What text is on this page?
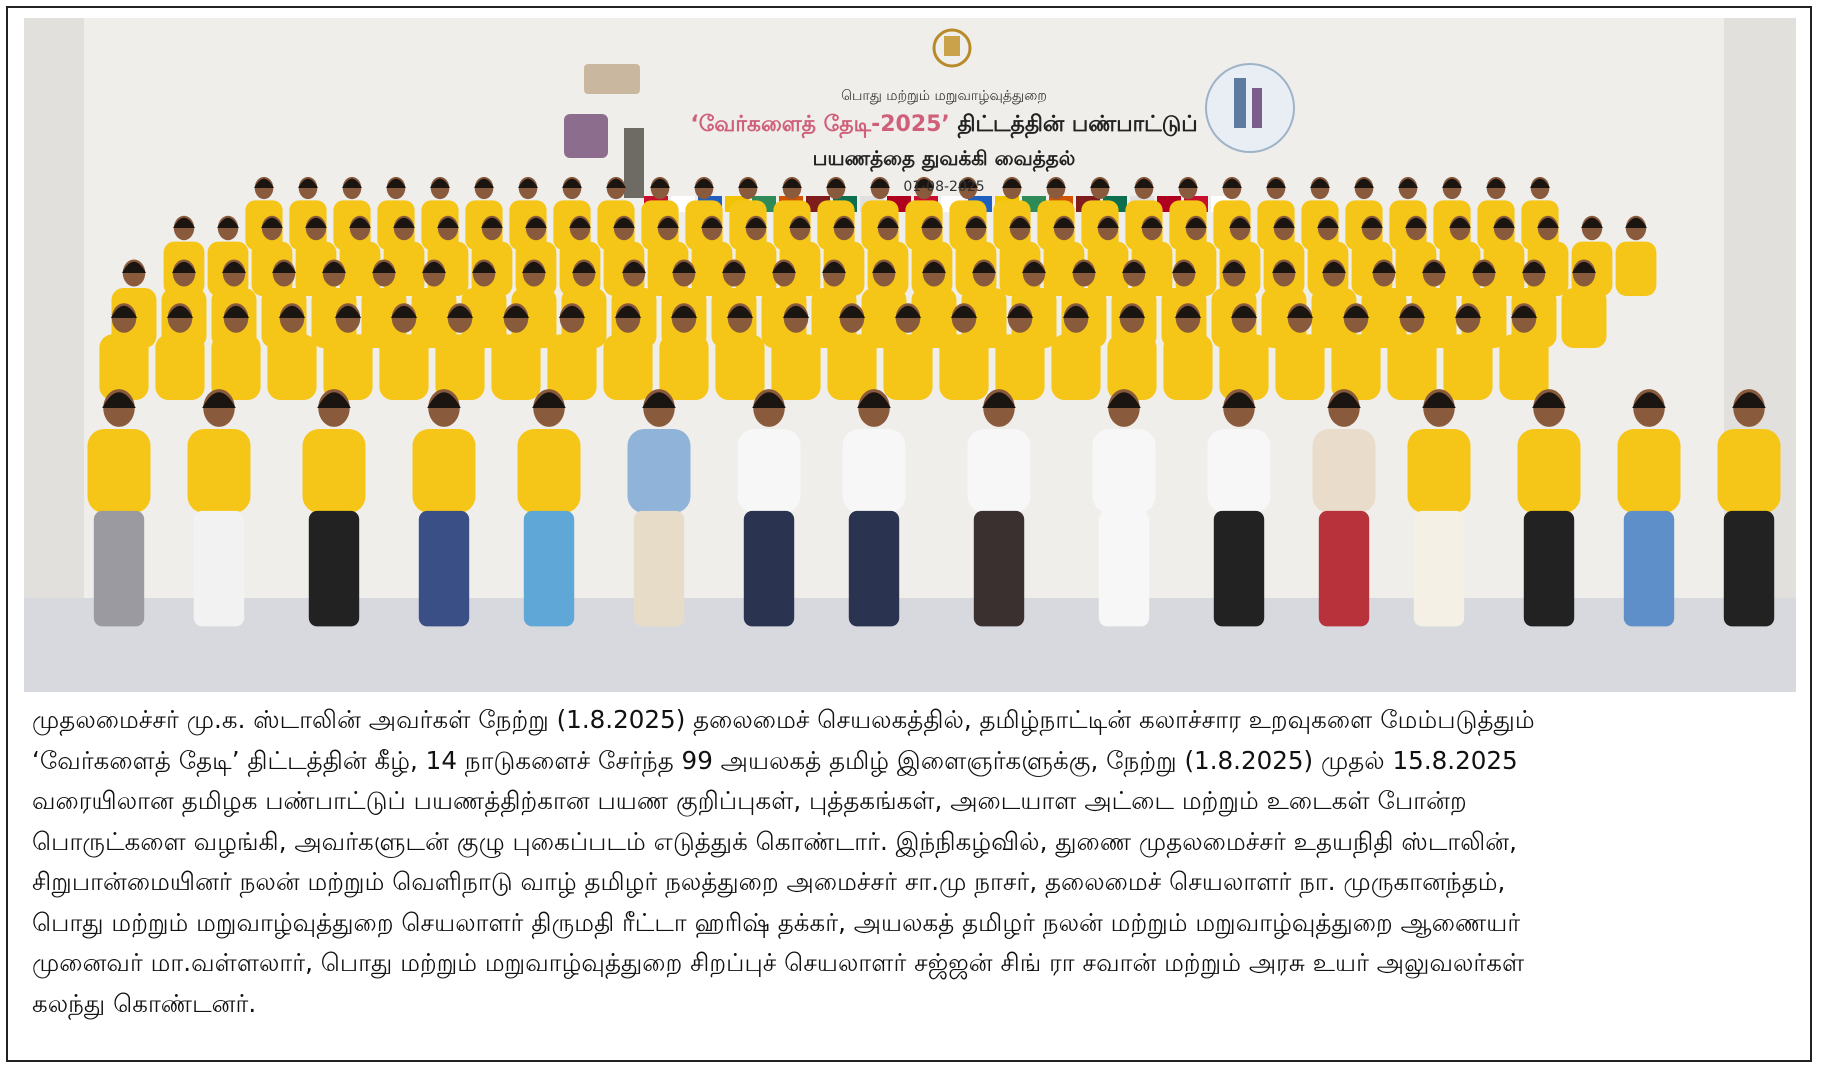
பொது மற்றும் மறுவாழ்வுத்துறை
‘வேர்களைத் தேடி-2025’ திட்டத்தின் பண்பாட்டுப்
பயணத்தை துவக்கி வைத்தல்
01-08-2025
முதலமைச்சர் மு.க. ஸ்டாலின் அவர்கள் நேற்று (1.8.2025) தலைமைச் செயலகத்தில், தமிழ்நாட்டின் கலாச்சார உறவுகளை மேம்படுத்தும்
‘வேர்களைத் தேடி’ திட்டத்தின் கீழ், 14 நாடுகளைச் சேர்ந்த 99 அயலகத் தமிழ் இளைஞர்களுக்கு, நேற்று (1.8.2025) முதல் 15.8.2025
வரையிலான தமிழக பண்பாட்டுப் பயணத்திற்கான பயண குறிப்புகள், புத்தகங்கள், அடையாள அட்டை மற்றும் உடைகள் போன்ற
பொருட்களை வழங்கி, அவர்களுடன் குழு புகைப்படம் எடுத்துக் கொண்டார். இந்நிகழ்வில், துணை முதலமைச்சர் உதயநிதி ஸ்டாலின்,
சிறுபான்மையினர் நலன் மற்றும் வெளிநாடு வாழ் தமிழர் நலத்துறை அமைச்சர் சா.மு நாசர், தலைமைச் செயலாளர் நா. முருகானந்தம்,
பொது மற்றும் மறுவாழ்வுத்துறை செயலாளர் திருமதி ரீட்டா ஹரிஷ் தக்கர், அயலகத் தமிழர் நலன் மற்றும் மறுவாழ்வுத்துறை ஆணையர்
முனைவர் மா.வள்ளலார், பொது மற்றும் மறுவாழ்வுத்துறை சிறப்புச் செயலாளர் சஜ்ஜன் சிங் ரா சவான் மற்றும் அரசு உயர் அலுவலர்கள்
கலந்து கொண்டனர்.
